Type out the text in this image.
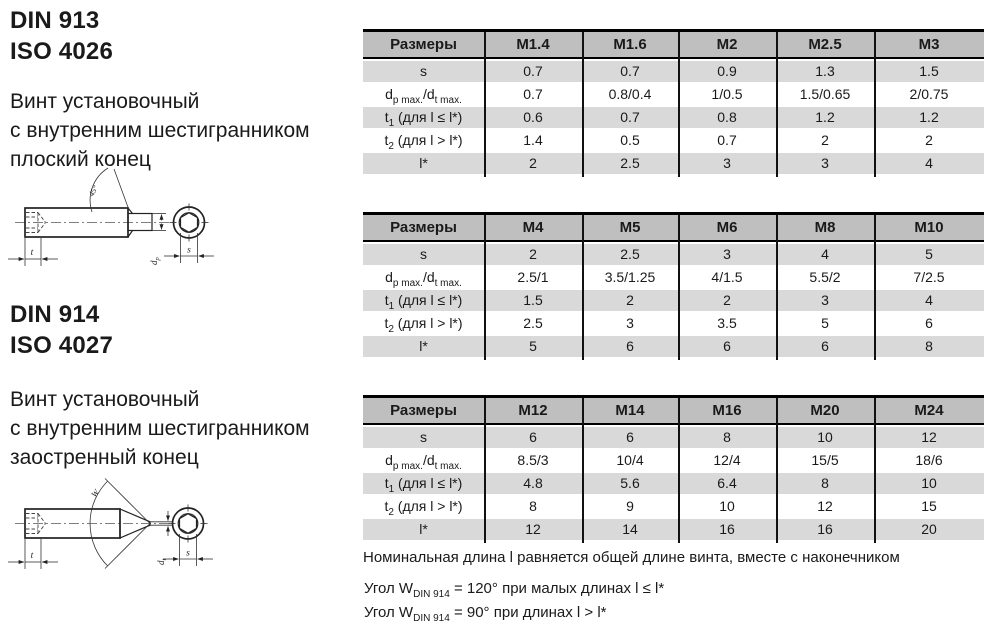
DIN 913
ISO 4026
Винт установочный
с внутренним шестигранником
плоский конец
45°
$d_p$
t	s
DIN 914
ISO 4027
Винт установочный
с внутренним шестигранником
заостренный конец
W
$d_t$
t	s
Размеры	M1.4	M1.6	M2	M2.5	M3
s	0.7	0.7	0.9	1.3	1.5
$d_{p max.}/d_{t max.}$	0.7	0.8/0.4	1/0.5	1.5/0.65	2/0.75
$t_1$ (для l ≤ l*)	0.6	0.7	0.8	1.2	1.2
$t_2$ (для l > l*)	1.4	0.5	0.7	2	2
l*	2	2.5	3	3	4
Размеры	M4	M5	M6	M8	M10
s	2	2.5	3	4	5
$d_{p max.}/d_{t max.}$	2.5/1	3.5/1.25	4/1.5	5.5/2	7/2.5
$t_1$ (для l ≤ l*)	1.5	2	2	3	4
$t_2$ (для l > l*)	2.5	3	3.5	5	6
l*	5	6	6	6	8
Размеры	M12	M14	M16	M20	M24
s	6	6	8	10	12
$d_{p max.}/d_{t max.}$	8.5/3	10/4	12/4	15/5	18/6
$t_1$ (для l ≤ l*)	4.8	5.6	6.4	8	10
$t_2$ (для l > l*)	8	9	10	12	15
l*	12	14	16	16	20
Номинальная длина l равняется общей длине винта, вместе с наконечником
Угол $W_{DIN 914} = 120^\circ$ при малых длинах l ≤ l*
Угол $W_{DIN 914} = 90^\circ$ при длинах l > l*
